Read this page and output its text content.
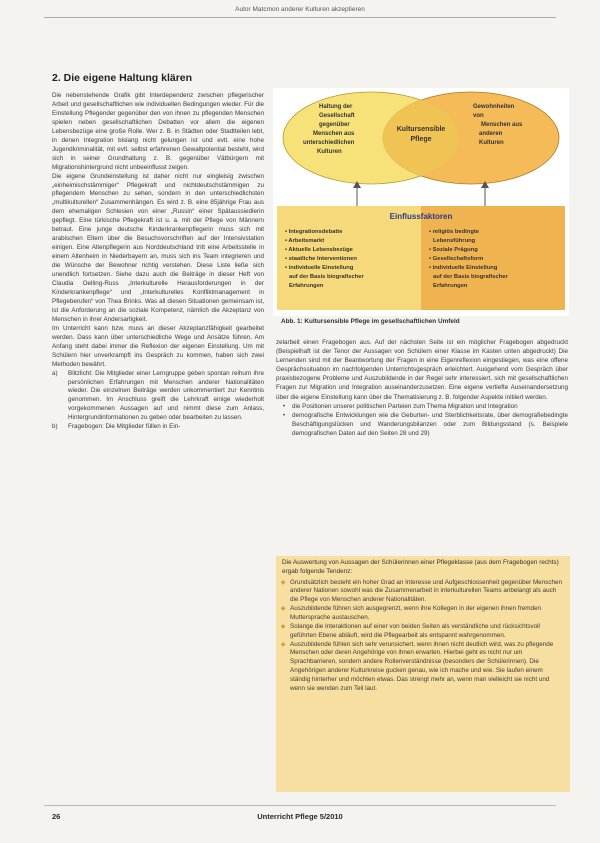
Autor Matcmon anderer Kulturen akzeptieren
2. Die eigene Haltung klären

Die nebenstehende Grafik gibt Interdependenz zwischen pflegerischer Arbeit und gesellschaftlichen wie individuellen Bedingungen wieder. Für die Einstellung Pflegender gegenüber den von ihnen zu pflegenden Menschen spielen neben gesellschaftlichen Debatten vor allem die eigenen Lebensbezüge eine große Rolle. Wer z. B. in Städten oder Stadtteilen lebt, in denen Integration bislang nicht gelungen ist und evtl. eine hohe Jugendkriminalität, mit evtl. selbst erfahrenen Gewaltpotential besteht, wird sich in seiner Grundhaltung z. B. gegenüber Vätbürgern mit Migrationshintergrund nicht unbeeinflusst zeigen.

Die eigene Grundeinstellung ist daher nicht nur eingleisig zwischen „einheimischstämmiger“ Pflegekraft und nichtdeutschstämmigen zu pflegendem Menschen zu sehen, sondern in den unterschiedlichsten „multikulturellen“ Zusammenhängen. Es wird z. B. eine 85jährige Frau aus dem ehemaligen Schlesien von einer „Russin“ einer Spätaussiedlerin gepflegt. Eine türkische Pflegekraft ist u. a. mit der Pflege von Männern betraut. Eine junge deutsche Kinderkrankenpflegerin muss sich mit arabischen Eltern über die Besuchsvorschriften auf der Intensivstation einigen. Eine Altenpflegerin aus Norddeutschland tritt eine Arbeitsstelle in einem Altenheim in Niederbayern an, muss sich ins Team integrieren und die Wünsche der Bewohner richtig verstehen. Diese Liste ließe sich unendlich fortsetzen. Siehe dazu auch die Beiträge in dieser Heft von Claudia Oelling-Russ „Interkulturelle Herausforderungen in der Kinderkrankenpflege“ und „Interkulturelles Konfliktmanagement in Pflegeberufen“ von Thea Brinks. Was all diesen Situationen gemeinsam ist, ist die Anforderung an die soziale Kompetenz, nämlich die Akzeptanz von Menschen in ihrer Andersartigkeit.

Im Unterricht kann bzw. muss an dieser Akzeptanzfähigkeit gearbeitet werden. Dass kann über unterschiedliche Wege und Ansätze führen. Am Anfang steht dabei immer die Reflexion der eigenen Einstellung. Um mit Schülern hier unverkrampft ins Gespräch zu kommen, haben sich zwei Methoden bewährt.

a)	Blitzlicht: Die Mitglieder einer Lerngruppe geben spontan reihum ihre persönlichen Erfahrungen mit Menschen anderer Nationalitäten wieder. Die einzelnen Beiträge werden unkommentiert zur Kenntnis genommen. Im Anschluss greift die Lehrkraft einige wiederholt vorgekommenen Aussagen auf und nimmt diese zum Anlass, Hintergrundinformationen zu geben oder bearbeiten zu lassen.
b)	Fragebogen: Die Mitglieder füllen in Ein-
Haltung der
Gesellschaft
gegenüber
Menschen aus
unterschiedlichen
Kulturen
Kultursensible
Pflege
Gewohnheiten
von
Menschen aus
anderen
Kulturen
Einflussfaktoren
• Integrationsdebatte
• Arbeitsmarkt
• Aktuelle Lebensbezüge
• staatliche Interventionen
• individuelle Einstellung
auf der Basis biografischer
Erfahrungen
• religiös bedingte
Lebensführung
• Soziale Prägung
• Gesellschaftsform
• individuelle Einstellung
auf der Basis biografischer
Erfahrungen
Abb. 1: Kultursensible Pflege im gesellschaftlichen Umfeld

zelarbeit einen Fragebogen aus. Auf der nächsten Seite ist ein möglicher Fragebogen abgedruckt (Beispielhaft ist der Tenor der Aussagen von Schülern einer Klasse im Kasten unten abgedruckt) Die Lernenden sind mit der Beantwortung der Fragen in eine Eigenreflexion eingestiegen, was eine offene Gesprächssituation im nachfolgenden Unterrichtsgespräch erleichtert. Ausgehend vom Gespräch über praxisbezogene Probleme und Auszubildende in der Regel sehr interessiert, sich mit gesellschaftlichen Fragen zur Migration und Integration auseinanderzusetzen. Eine eigene vertiefte Auseinandersetzung über die eigene Einstellung kann über die Thematisierung z. B. folgender Aspekte initiiert werden.

•	die Positionen unserer politischen Parteien zum Thema Migration und Integration
•	demografische Entwicklungen wie die Geburten- und Sterblichkeitsrate, über demografiebedingte Beschäftigungslücken und Wanderungsbilanzen oder zum Bildungsstand (s. Beispiele demografischen Daten auf den Seiten 28 und 29)
Die Auswertung von Aussagen der Schülerinnen einer Pflegeklasse (aus dem Fragebogen rechts) ergab folgende Tendenz:
◈ Grundsätzlich besteht ein hoher Grad an Interesse und Aufgeschlossenheit gegenüber Menschen anderer Nationen sowohl was die Zusammenarbeit in interkulturellen Teams anbelangt als auch die Pflege von Menschen anderer Nationalitäten.
◈ Auszubildende führen sich ausgegrenzt, wenn ihre Kollegen in der eigenen ihnen fremden Muttersprache austauschen.
◈ Solange die Interaktionen auf einer von beiden Seiten als verständliche und rücksichtsvoll geführten Ebene abläuft, wird die Pflegearbeit als entspannt wahrgenommen.
◈ Auszubildende fühlen sich sehr verunsichert, wenn ihnen nicht deutlich wird, was zu pflegende Menschen oder deren Angehörige von ihnen erwarten. Hierbei geht es nicht nur um Sprachbarrieren, sondern andere Rollenverständnisse (besonders der Schülerinnen). Die Angehörigen anderer Kulturkreise gucken genau, wie ich mache und wie. Sie laufen einem ständig hinterher und möchten etwas. Das strengt mehr an, wenn man vielleicht sie nicht und wenn sie wenden zum Teil laut.
26	Unterricht Pflege 5/2010
